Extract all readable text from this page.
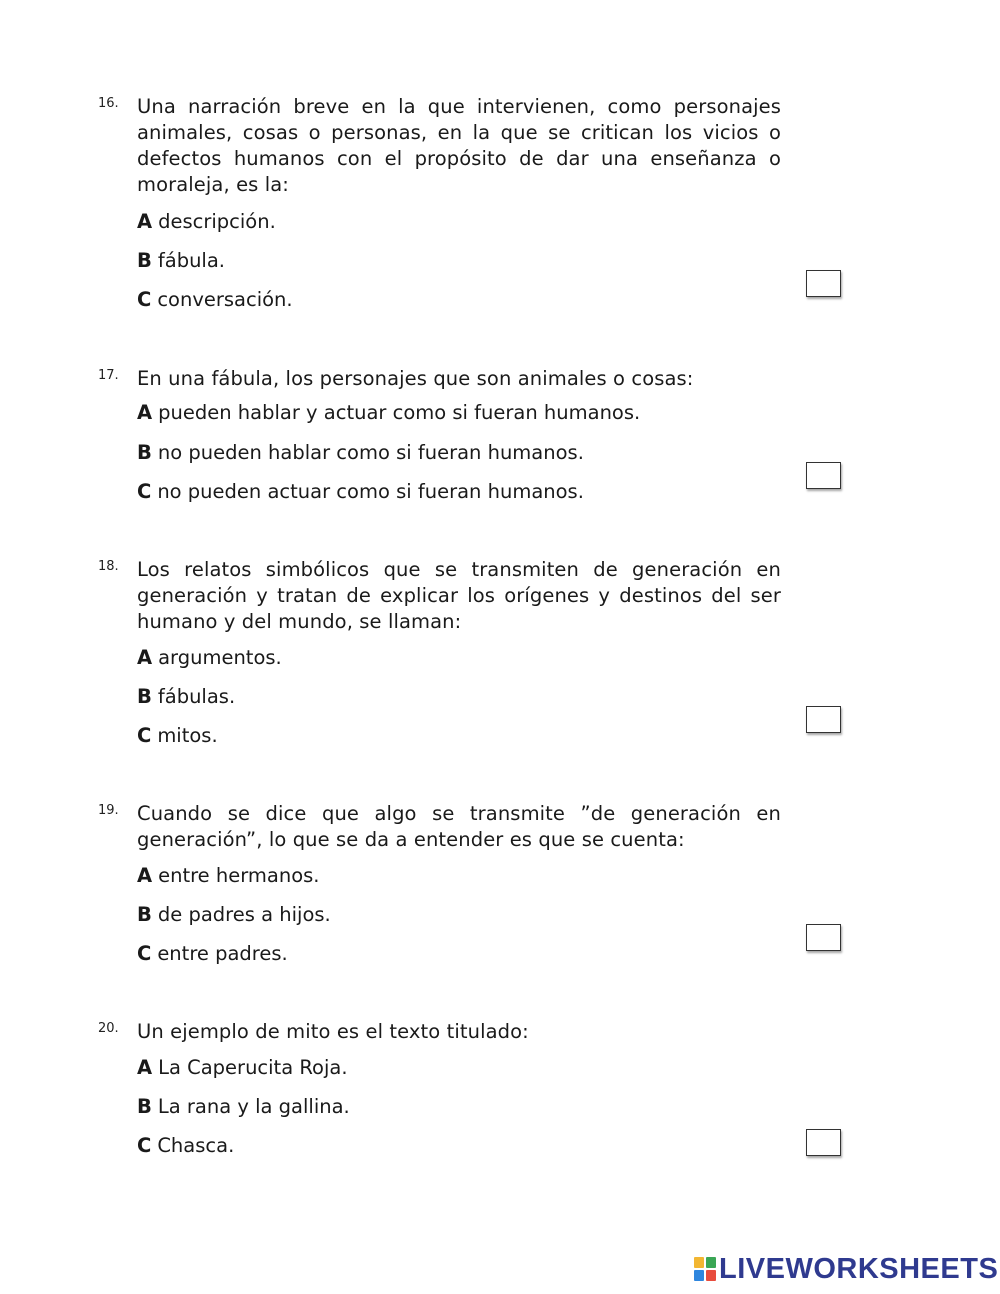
16. Una narración breve en la que intervienen, como personajes animales, cosas o personas, en la que se critican los vicios o defectos humanos con el propósito de dar una enseñanza o moraleja, es la:
A descripción.
B fábula.
C conversación.
17. En una fábula, los personajes que son animales o cosas:
A pueden hablar y actuar como si fueran humanos.
B no pueden hablar como si fueran humanos.
C no pueden actuar como si fueran humanos.
18. Los relatos simbólicos que se transmiten de generación en generación y tratan de explicar los orígenes y destinos del ser humano y del mundo, se llaman:
A argumentos.
B fábulas.
C mitos.
19. Cuando se dice que algo se transmite ”de generación en generación”, lo que se da a entender es que se cuenta:
A entre hermanos.
B de padres a hijos.
C entre padres.
20. Un ejemplo de mito es el texto titulado:
A La Caperucita Roja.
B La rana y la gallina.
C Chasca.
LIVEWORKSHEETS
